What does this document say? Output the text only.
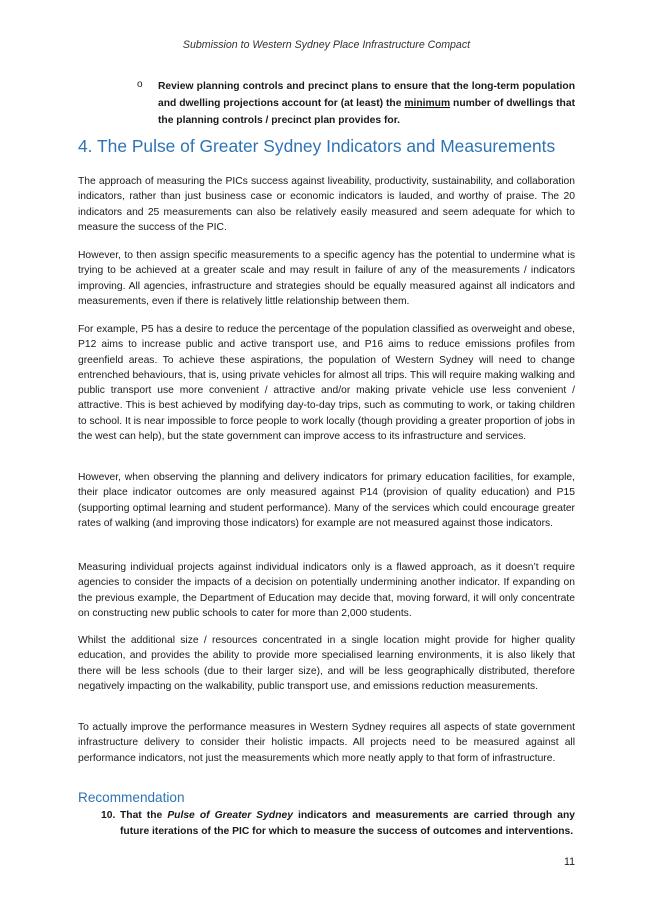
Submission to Western Sydney Place Infrastructure Compact
o Review planning controls and precinct plans to ensure that the long-term population and dwelling projections account for (at least) the minimum number of dwellings that the planning controls / precinct plan provides for.
4. The Pulse of Greater Sydney Indicators and Measurements

The approach of measuring the PICs success against liveability, productivity, sustainability, and collaboration indicators, rather than just business case or economic indicators is lauded, and worthy of praise. The 20 indicators and 25 measurements can also be relatively easily measured and seem adequate for which to measure the success of the PIC.

However, to then assign specific measurements to a specific agency has the potential to undermine what is trying to be achieved at a greater scale and may result in failure of any of the measurements / indicators improving. All agencies, infrastructure and strategies should be equally measured against all indicators and measurements, even if there is relatively little relationship between them.

For example, P5 has a desire to reduce the percentage of the population classified as overweight and obese, P12 aims to increase public and active transport use, and P16 aims to reduce emissions profiles from greenfield areas. To achieve these aspirations, the population of Western Sydney will need to change entrenched behaviours, that is, using private vehicles for almost all trips. This will require making walking and public transport use more convenient / attractive and/or making private vehicle use less convenient / attractive. This is best achieved by modifying day-to-day trips, such as commuting to work, or taking children to school. It is near impossible to force people to work locally (though providing a greater proportion of jobs in the west can help), but the state government can improve access to its infrastructure and services.

However, when observing the planning and delivery indicators for primary education facilities, for example, their place indicator outcomes are only measured against P14 (provision of quality education) and P15 (supporting optimal learning and student performance). Many of the services which could encourage greater rates of walking (and improving those indicators) for example are not measured against those indicators.

Measuring individual projects against individual indicators only is a flawed approach, as it doesn’t require agencies to consider the impacts of a decision on potentially undermining another indicator. If expanding on the previous example, the Department of Education may decide that, moving forward, it will only concentrate on constructing new public schools to cater for more than 2,000 students.

Whilst the additional size / resources concentrated in a single location might provide for higher quality education, and provides the ability to provide more specialised learning environments, it is also likely that there will be less schools (due to their larger size), and will be less geographically distributed, therefore negatively impacting on the walkability, public transport use, and emissions reduction measurements.

To actually improve the performance measures in Western Sydney requires all aspects of state government infrastructure delivery to consider their holistic impacts. All projects need to be measured against all performance indicators, not just the measurements which more neatly apply to that form of infrastructure.

Recommendation
10. That the Pulse of Greater Sydney indicators and measurements are carried through any future iterations of the PIC for which to measure the success of outcomes and interventions.
11
